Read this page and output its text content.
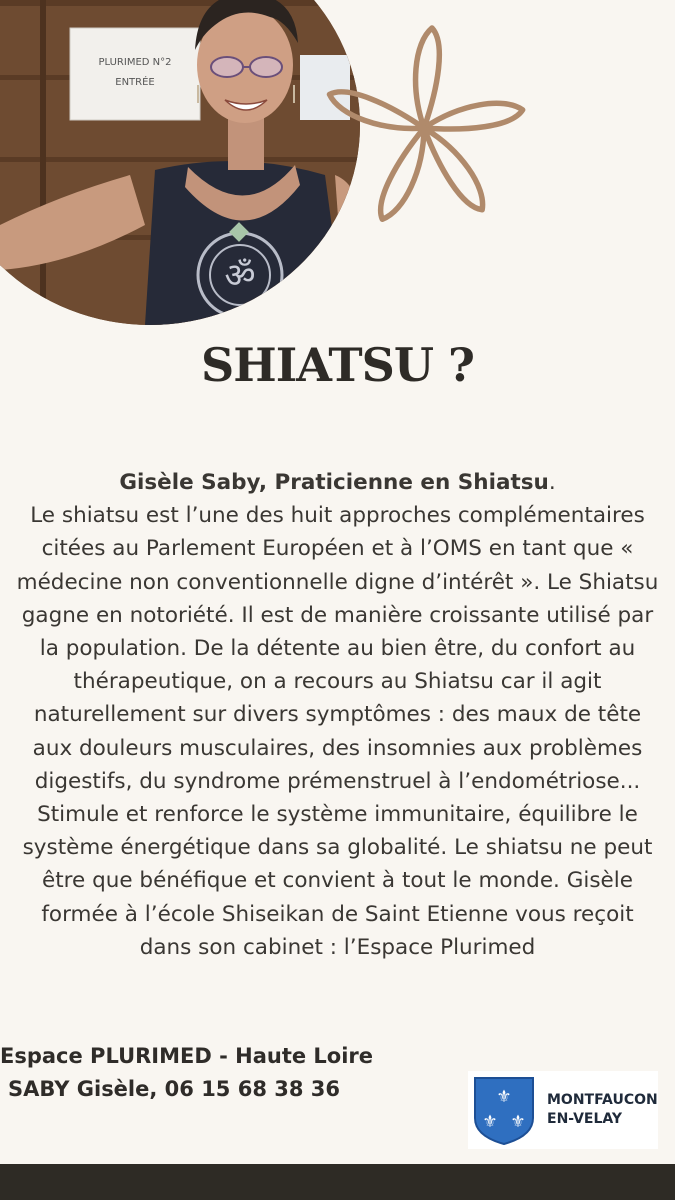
PLURIMED N°2
ENTRÉE
ॐ
SHIATSU ?
Gisèle Saby, Praticienne en Shiatsu.
Le shiatsu est l’une des huit approches complémentaires
citées au Parlement Européen et à l’OMS en tant que «
médecine non conventionnelle digne d’intérêt ». Le Shiatsu
gagne en notoriété. Il est de manière croissante utilisé par
la population. De la détente au bien être, du confort au
thérapeutique, on a recours au Shiatsu car il agit
naturellement sur divers symptômes : des maux de tête
aux douleurs musculaires, des insomnies aux problèmes
digestifs, du syndrome prémenstruel à l’endométriose...
Stimule et renforce le système immunitaire, équilibre le
système énergétique dans sa globalité. Le shiatsu ne peut
être que bénéfique et convient à tout le monde. Gisèle
formée à l’école Shiseikan de Saint Etienne vous reçoit
dans son cabinet : l’Espace Plurimed
Espace PLURIMED - Haute Loire
SABY Gisèle, 06 15 68 38 36	⚜
⚜ ⚜
MONTFAUCON
EN-VELAY
